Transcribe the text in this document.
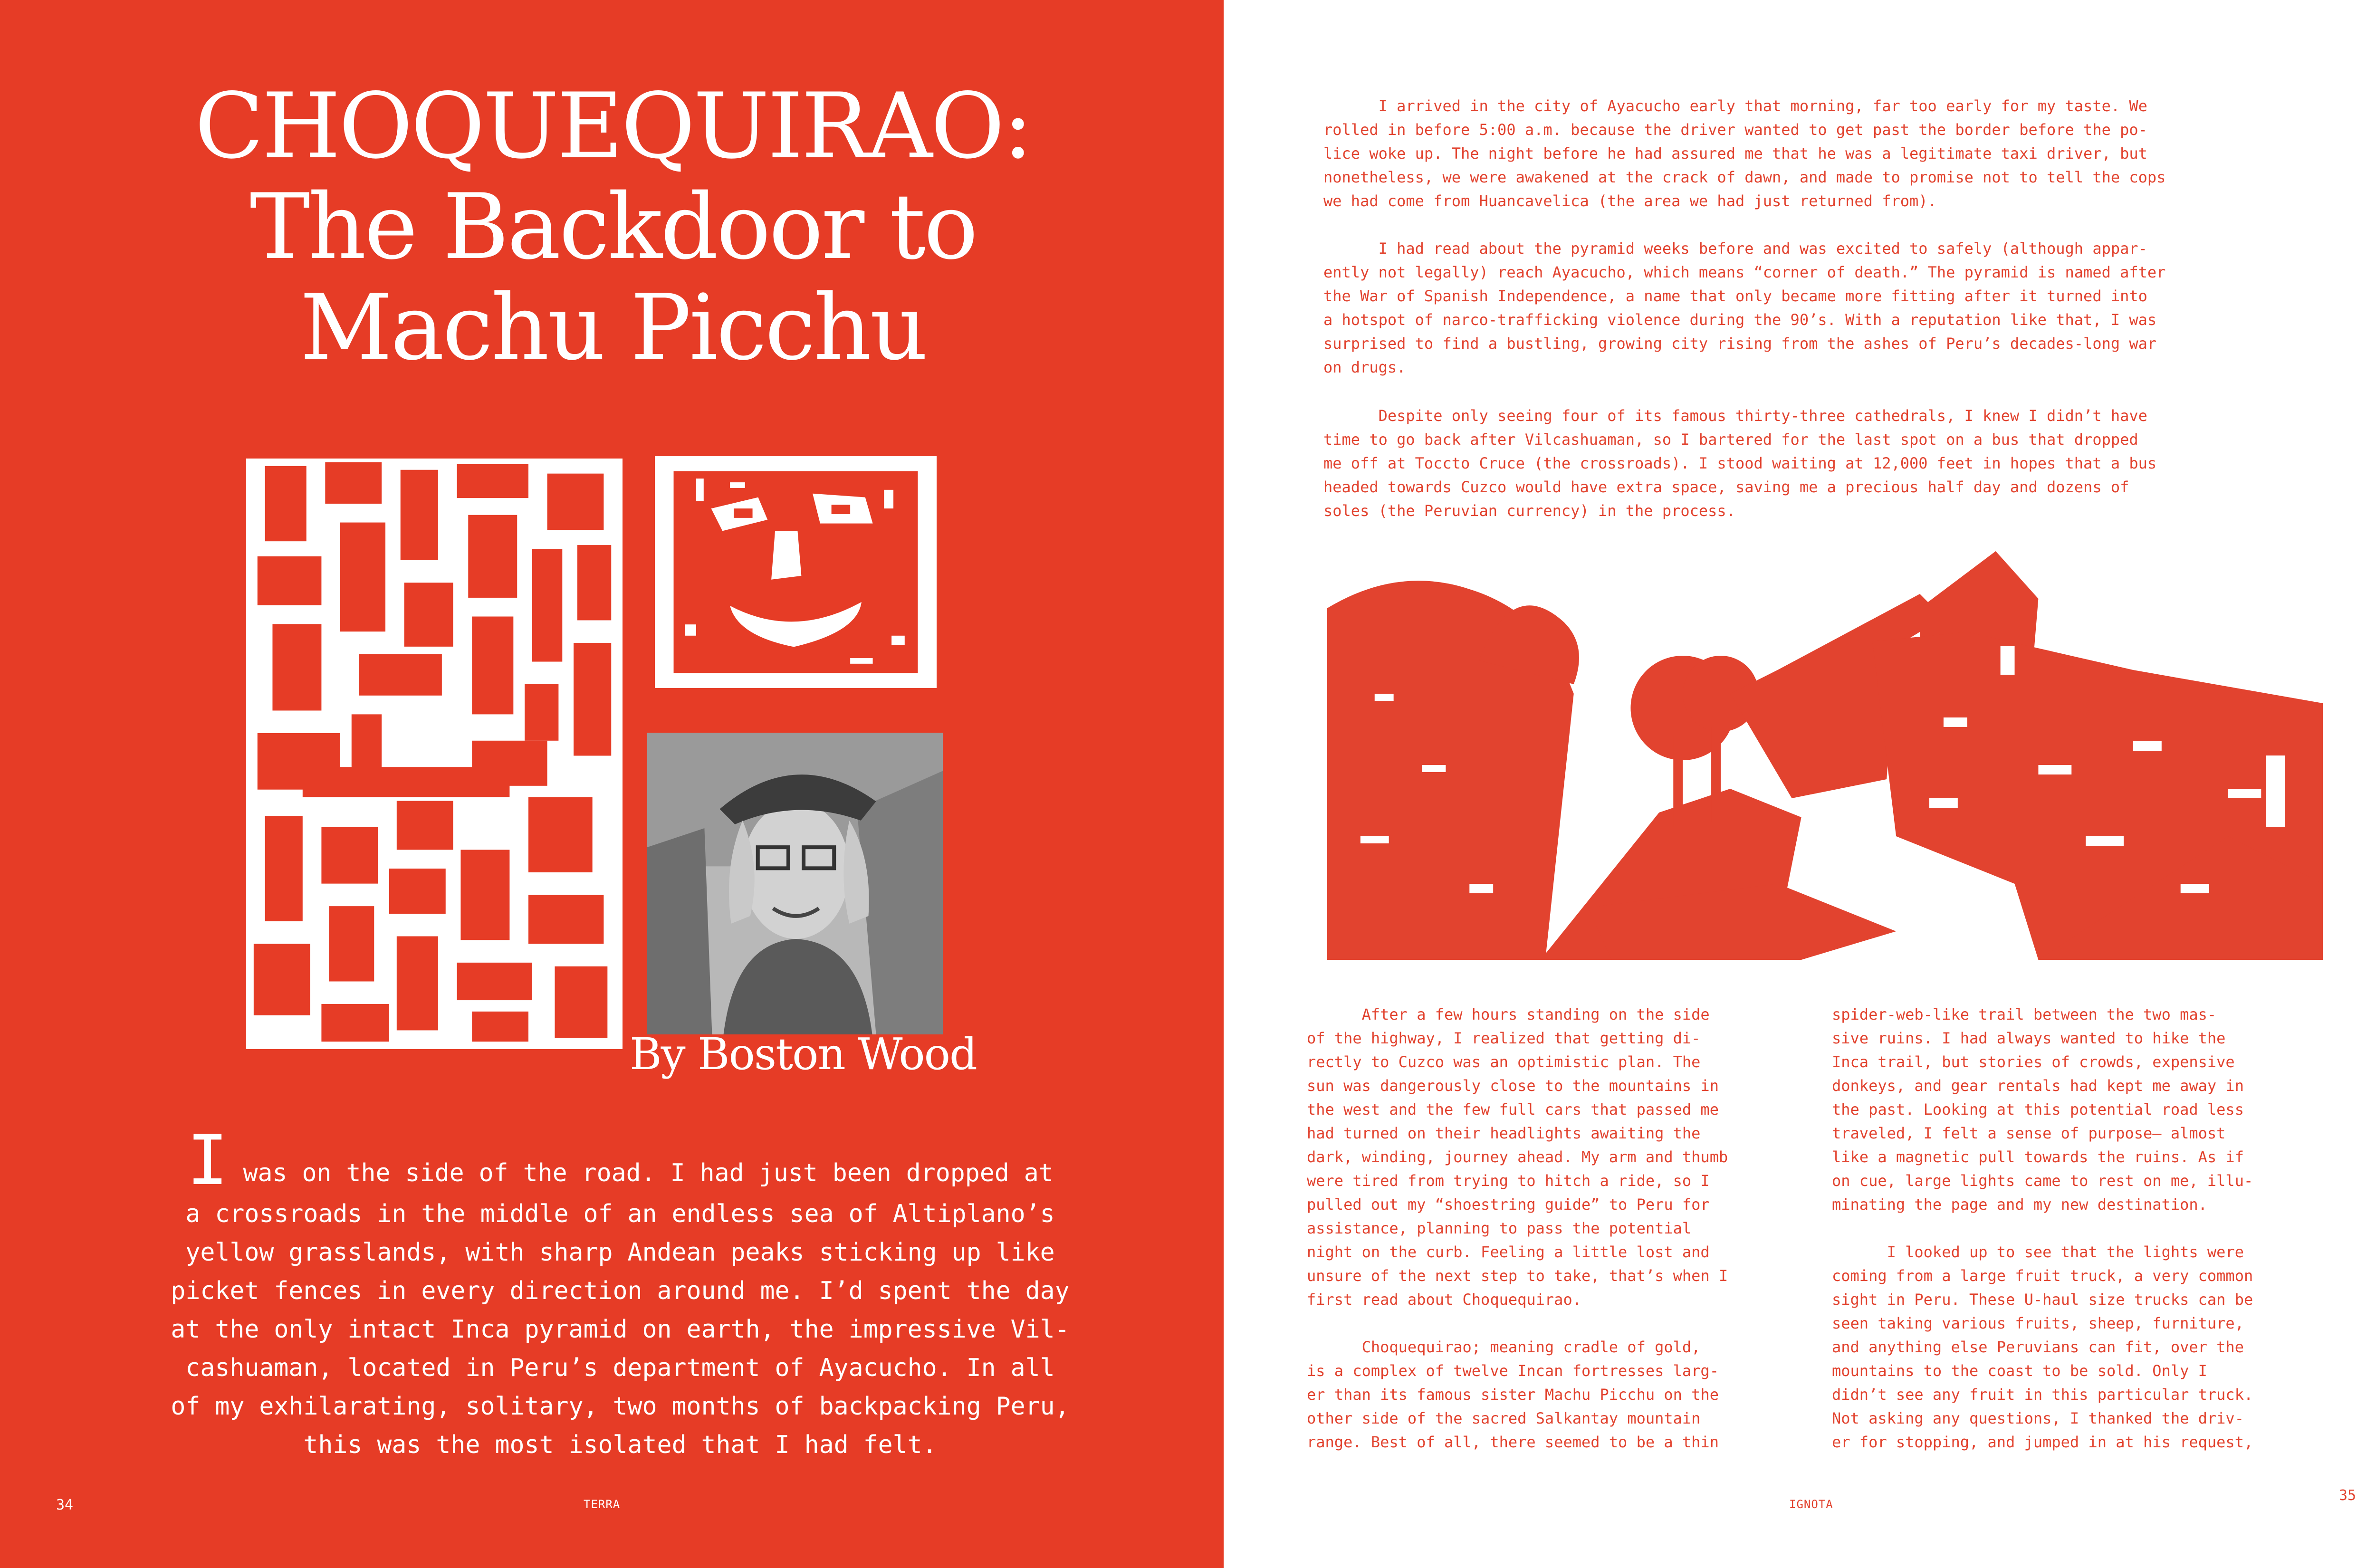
CHOQUEQUIRAO:
The Backdoor to
Machu Picchu
By Boston Wood
I was on the side of the road. I had just been dropped at
a crossroads in the middle of an endless sea of Altiplano’s
yellow grasslands, with sharp Andean peaks sticking up like
picket fences in every direction around me. I’d spent the day
at the only intact Inca pyramid on earth, the impressive Vil-
cashuaman, located in Peru’s department of Ayacucho. In all
of my exhilarating, solitary, two months of backpacking Peru,
this was the most isolated that I had felt.
34	TERRA
I arrived in the city of Ayacucho early that morning, far too early for my taste. We
rolled in before 5:00 a.m. because the driver wanted to get past the border before the po-
lice woke up. The night before he had assured me that he was a legitimate taxi driver, but
nonetheless, we were awakened at the crack of dawn, and made to promise not to tell the cops
we had come from Huancavelica (the area we had just returned from).
I had read about the pyramid weeks before and was excited to safely (although appar-
ently not legally) reach Ayacucho, which means “corner of death.” The pyramid is named after
the War of Spanish Independence, a name that only became more fitting after it turned into
a hotspot of narco-trafficking violence during the 90’s. With a reputation like that, I was
surprised to find a bustling, growing city rising from the ashes of Peru’s decades-long war
on drugs.
Despite only seeing four of its famous thirty-three cathedrals, I knew I didn’t have
time to go back after Vilcashuaman, so I bartered for the last spot on a bus that dropped
me off at Toccto Cruce (the crossroads). I stood waiting at 12,000 feet in hopes that a bus
headed towards Cuzco would have extra space, saving me a precious half day and dozens of
soles (the Peruvian currency) in the process.
After a few hours standing on the side
of the highway, I realized that getting di-
rectly to Cuzco was an optimistic plan. The
sun was dangerously close to the mountains in
the west and the few full cars that passed me
had turned on their headlights awaiting the
dark, winding, journey ahead. My arm and thumb
were tired from trying to hitch a ride, so I
pulled out my “shoestring guide” to Peru for
assistance, planning to pass the potential
night on the curb. Feeling a little lost and
unsure of the next step to take, that’s when I
first read about Choquequirao.
Choquequirao; meaning cradle of gold,
is a complex of twelve Incan fortresses larg-
er than its famous sister Machu Picchu on the
other side of the sacred Salkantay mountain
range. Best of all, there seemed to be a thin
spider-web-like trail between the two mas-
sive ruins. I had always wanted to hike the
Inca trail, but stories of crowds, expensive
donkeys, and gear rentals had kept me away in
the past. Looking at this potential road less
traveled, I felt a sense of purpose— almost
like a magnetic pull towards the ruins. As if
on cue, large lights came to rest on me, illu-
minating the page and my new destination.
I looked up to see that the lights were
coming from a large fruit truck, a very common
sight in Peru. These U-haul size trucks can be
seen taking various fruits, sheep, furniture,
and anything else Peruvians can fit, over the
mountains to the coast to be sold. Only I
didn’t see any fruit in this particular truck.
Not asking any questions, I thanked the driv-
er for stopping, and jumped in at his request,
IGNOTA
35
